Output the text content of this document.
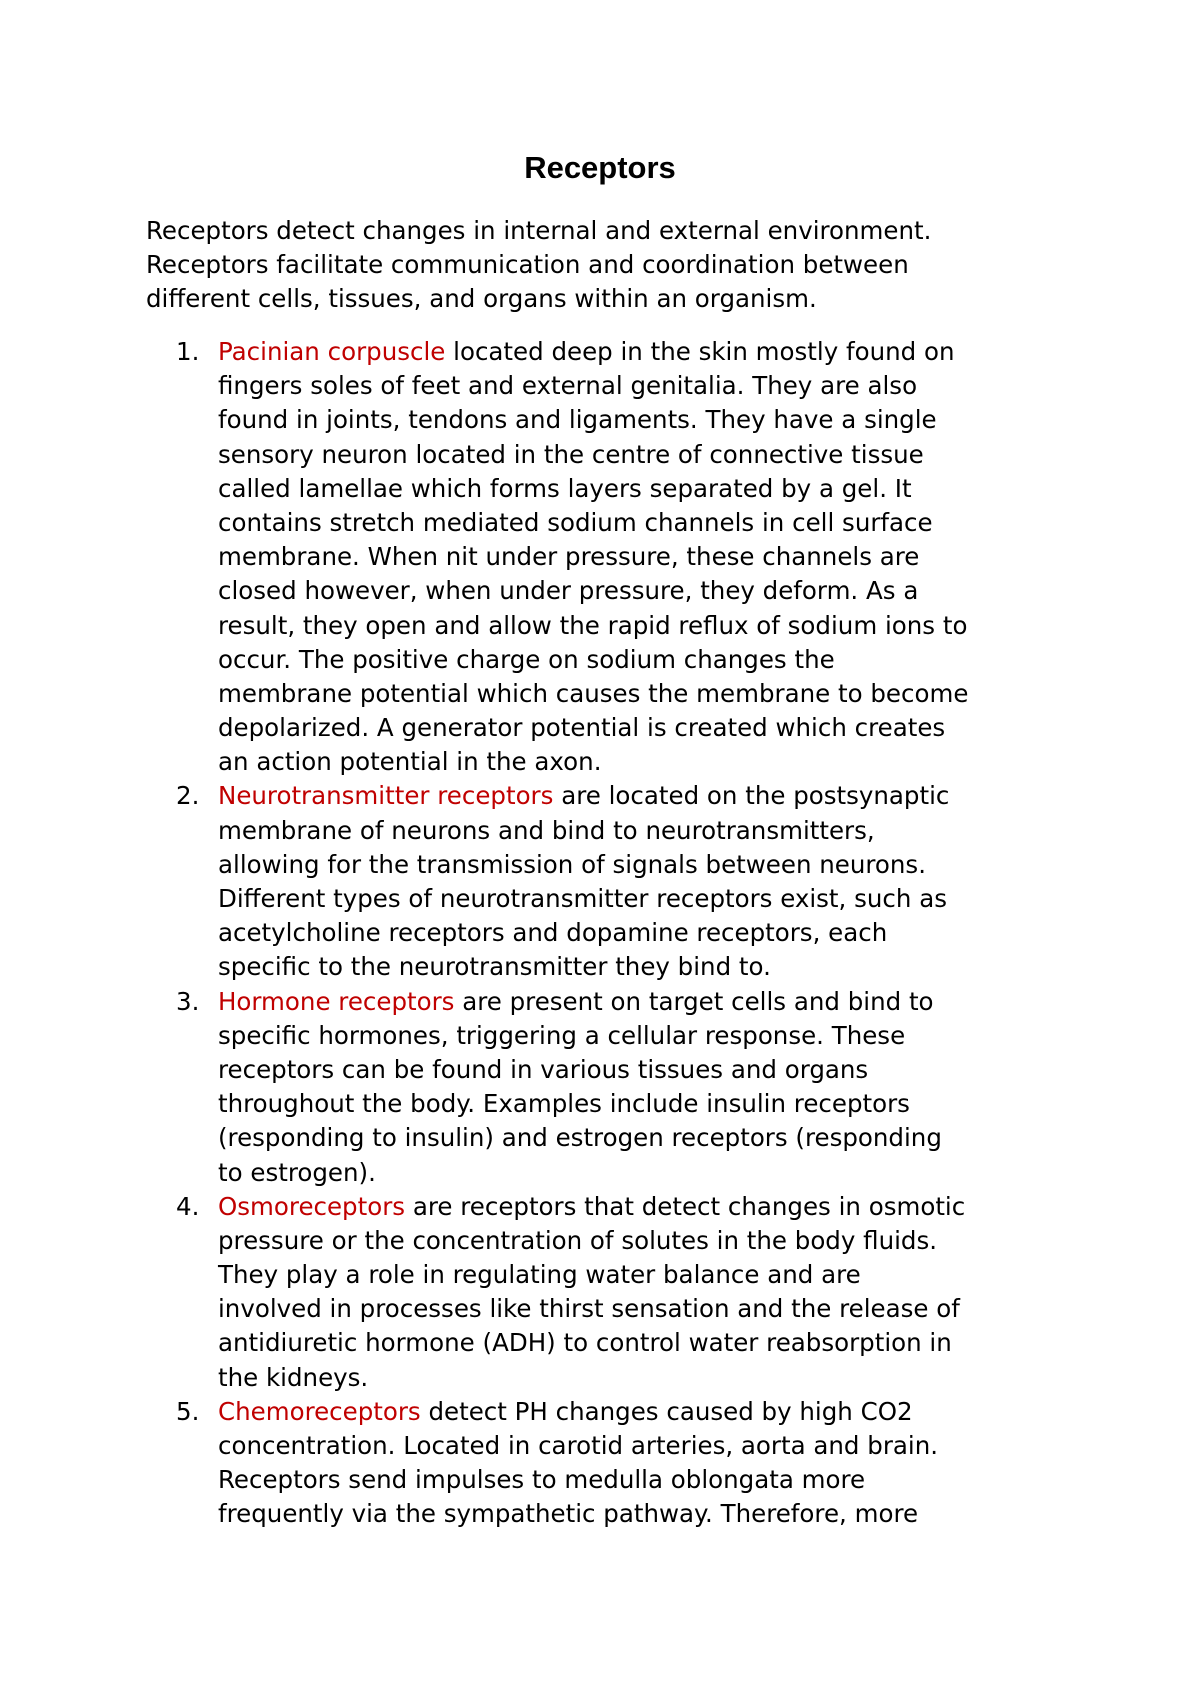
Receptors

Receptors detect changes in internal and external environment.
Receptors facilitate communication and coordination between
different cells, tissues, and organs within an organism.

1. Pacinian corpuscle located deep in the skin mostly found on
fingers soles of feet and external genitalia. They are also
found in joints, tendons and ligaments. They have a single
sensory neuron located in the centre of connective tissue
called lamellae which forms layers separated by a gel. It
contains stretch mediated sodium channels in cell surface
membrane. When nit under pressure, these channels are
closed however, when under pressure, they deform. As a
result, they open and allow the rapid reflux of sodium ions to
occur. The positive charge on sodium changes the
membrane potential which causes the membrane to become
depolarized. A generator potential is created which creates
an action potential in the axon.
2. Neurotransmitter receptors are located on the postsynaptic
membrane of neurons and bind to neurotransmitters,
allowing for the transmission of signals between neurons.
Different types of neurotransmitter receptors exist, such as
acetylcholine receptors and dopamine receptors, each
specific to the neurotransmitter they bind to.
3. Hormone receptors are present on target cells and bind to
specific hormones, triggering a cellular response. These
receptors can be found in various tissues and organs
throughout the body. Examples include insulin receptors
(responding to insulin) and estrogen receptors (responding
to estrogen).
4. Osmoreceptors are receptors that detect changes in osmotic
pressure or the concentration of solutes in the body fluids.
They play a role in regulating water balance and are
involved in processes like thirst sensation and the release of
antidiuretic hormone (ADH) to control water reabsorption in
the kidneys.
5. Chemoreceptors detect PH changes caused by high CO2
concentration. Located in carotid arteries, aorta and brain.
Receptors send impulses to medulla oblongata more
frequently via the sympathetic pathway. Therefore, more
